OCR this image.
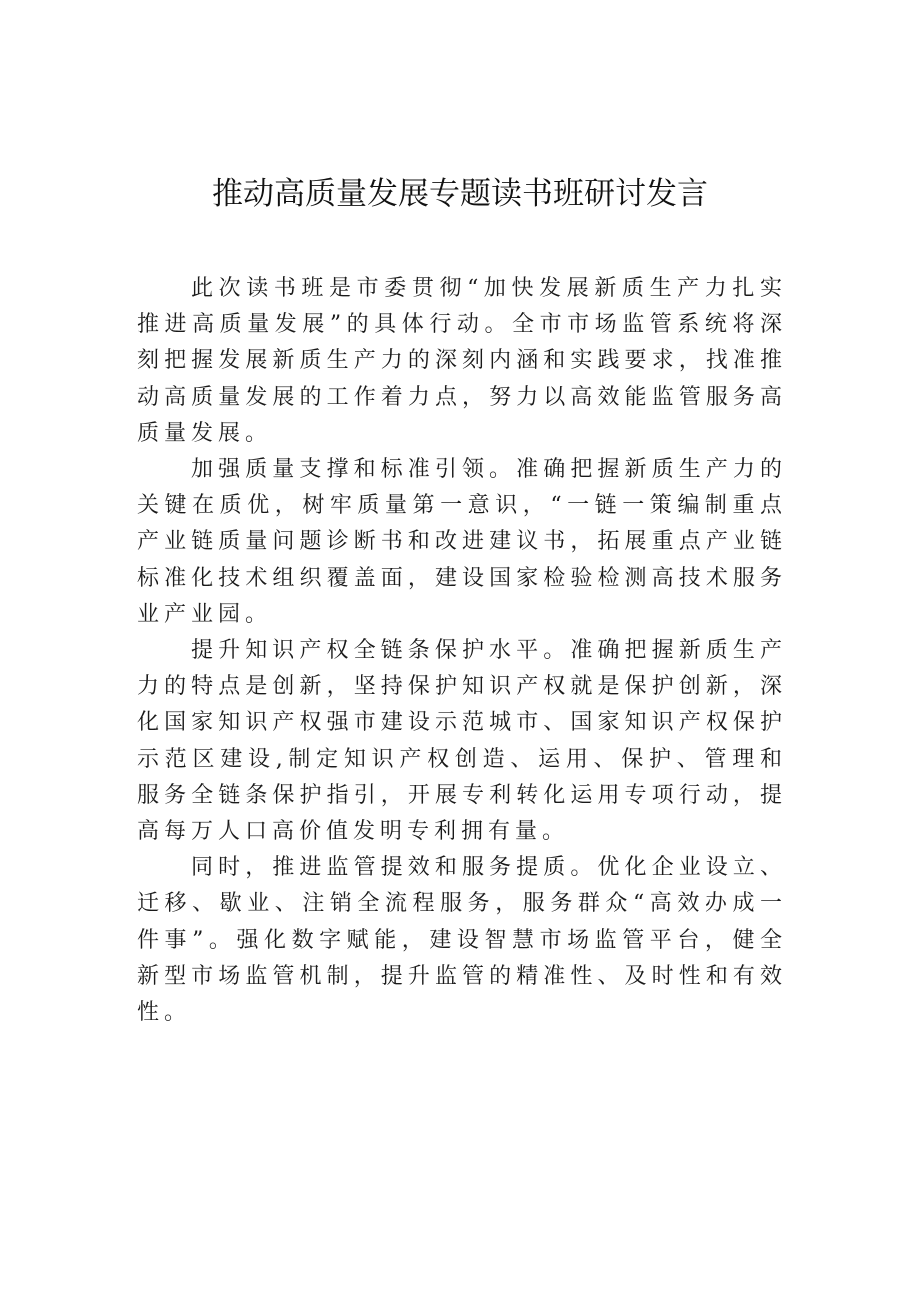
推动高质量发展专题读书班研讨发言

此次读书班是市委贯彻“加快发展新质生产力扎实推进高质量发展”的具体行动。全市市场监管系统将深刻把握发展新质生产力的深刻内涵和实践要求，找准推动高质量发展的工作着力点，努力以高效能监管服务高质量发展。

加强质量支撑和标准引领。准确把握新质生产力的关键在质优，树牢质量第一意识，“一链一策编制重点产业链质量问题诊断书和改进建议书，拓展重点产业链标准化技术组织覆盖面，建设国家检验检测高技术服务业产业园。

提升知识产权全链条保护水平。准确把握新质生产力的特点是创新，坚持保护知识产权就是保护创新，深化国家知识产权强市建设示范城市、国家知识产权保护示范区建设,制定知识产权创造、运用、保护、管理和服务全链条保护指引，开展专利转化运用专项行动，提高每万人口高价值发明专利拥有量。

同时，推进监管提效和服务提质。优化企业设立、迁移、歇业、注销全流程服务，服务群众“高效办成一件事”。强化数字赋能，建设智慧市场监管平台，健全新型市场监管机制，提升监管的精准性、及时性和有效性。
